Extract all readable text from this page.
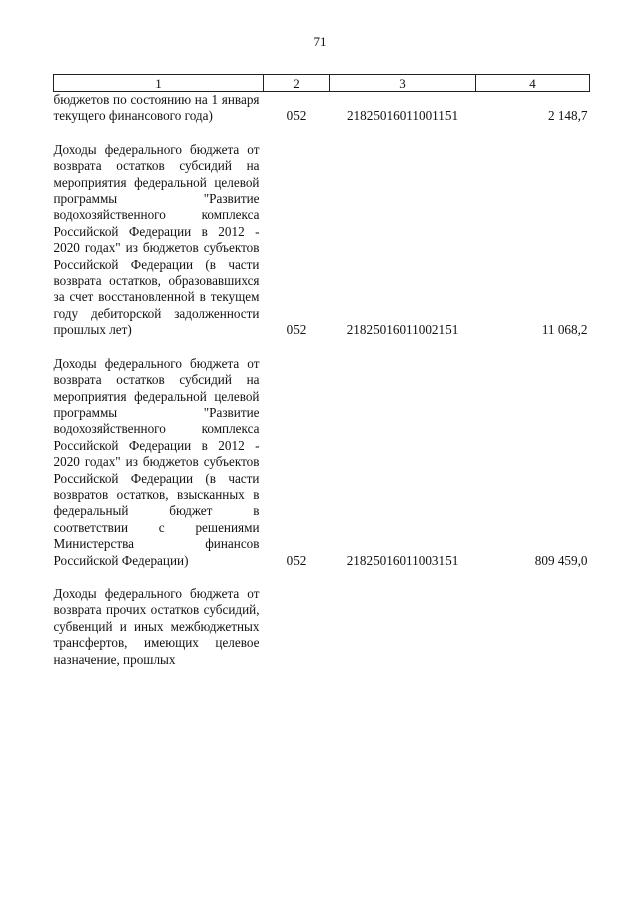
71
1	2	3	4
бюджетов по состоянию на 1 января текущего финансового года)	052	21825016011001151	2 148,7

Доходы федерального бюджета от возврата остатков субсидий на мероприятия федеральной целевой программы "Развитие водохозяйственного комплекса Российской Федерации в 2012 - 2020 годах" из бюджетов субъектов Российской Федерации (в части возврата остатков, образовавшихся за счет восстановленной в текущем году дебиторской задолженности прошлых лет)	052	21825016011002151	11 068,2

Доходы федерального бюджета от возврата остатков субсидий на мероприятия федеральной целевой программы "Развитие водохозяйственного комплекса Российской Федерации в 2012 - 2020 годах" из бюджетов субъектов Российской Федерации (в части возвратов остатков, взысканных в федеральный бюджет в соответствии с решениями Министерства финансов Российской Федерации)	052	21825016011003151	809 459,0

Доходы федерального бюджета от возврата прочих остатков субсидий, субвенций и иных межбюджетных трансфертов, имеющих целевое назначение, прошлых			
